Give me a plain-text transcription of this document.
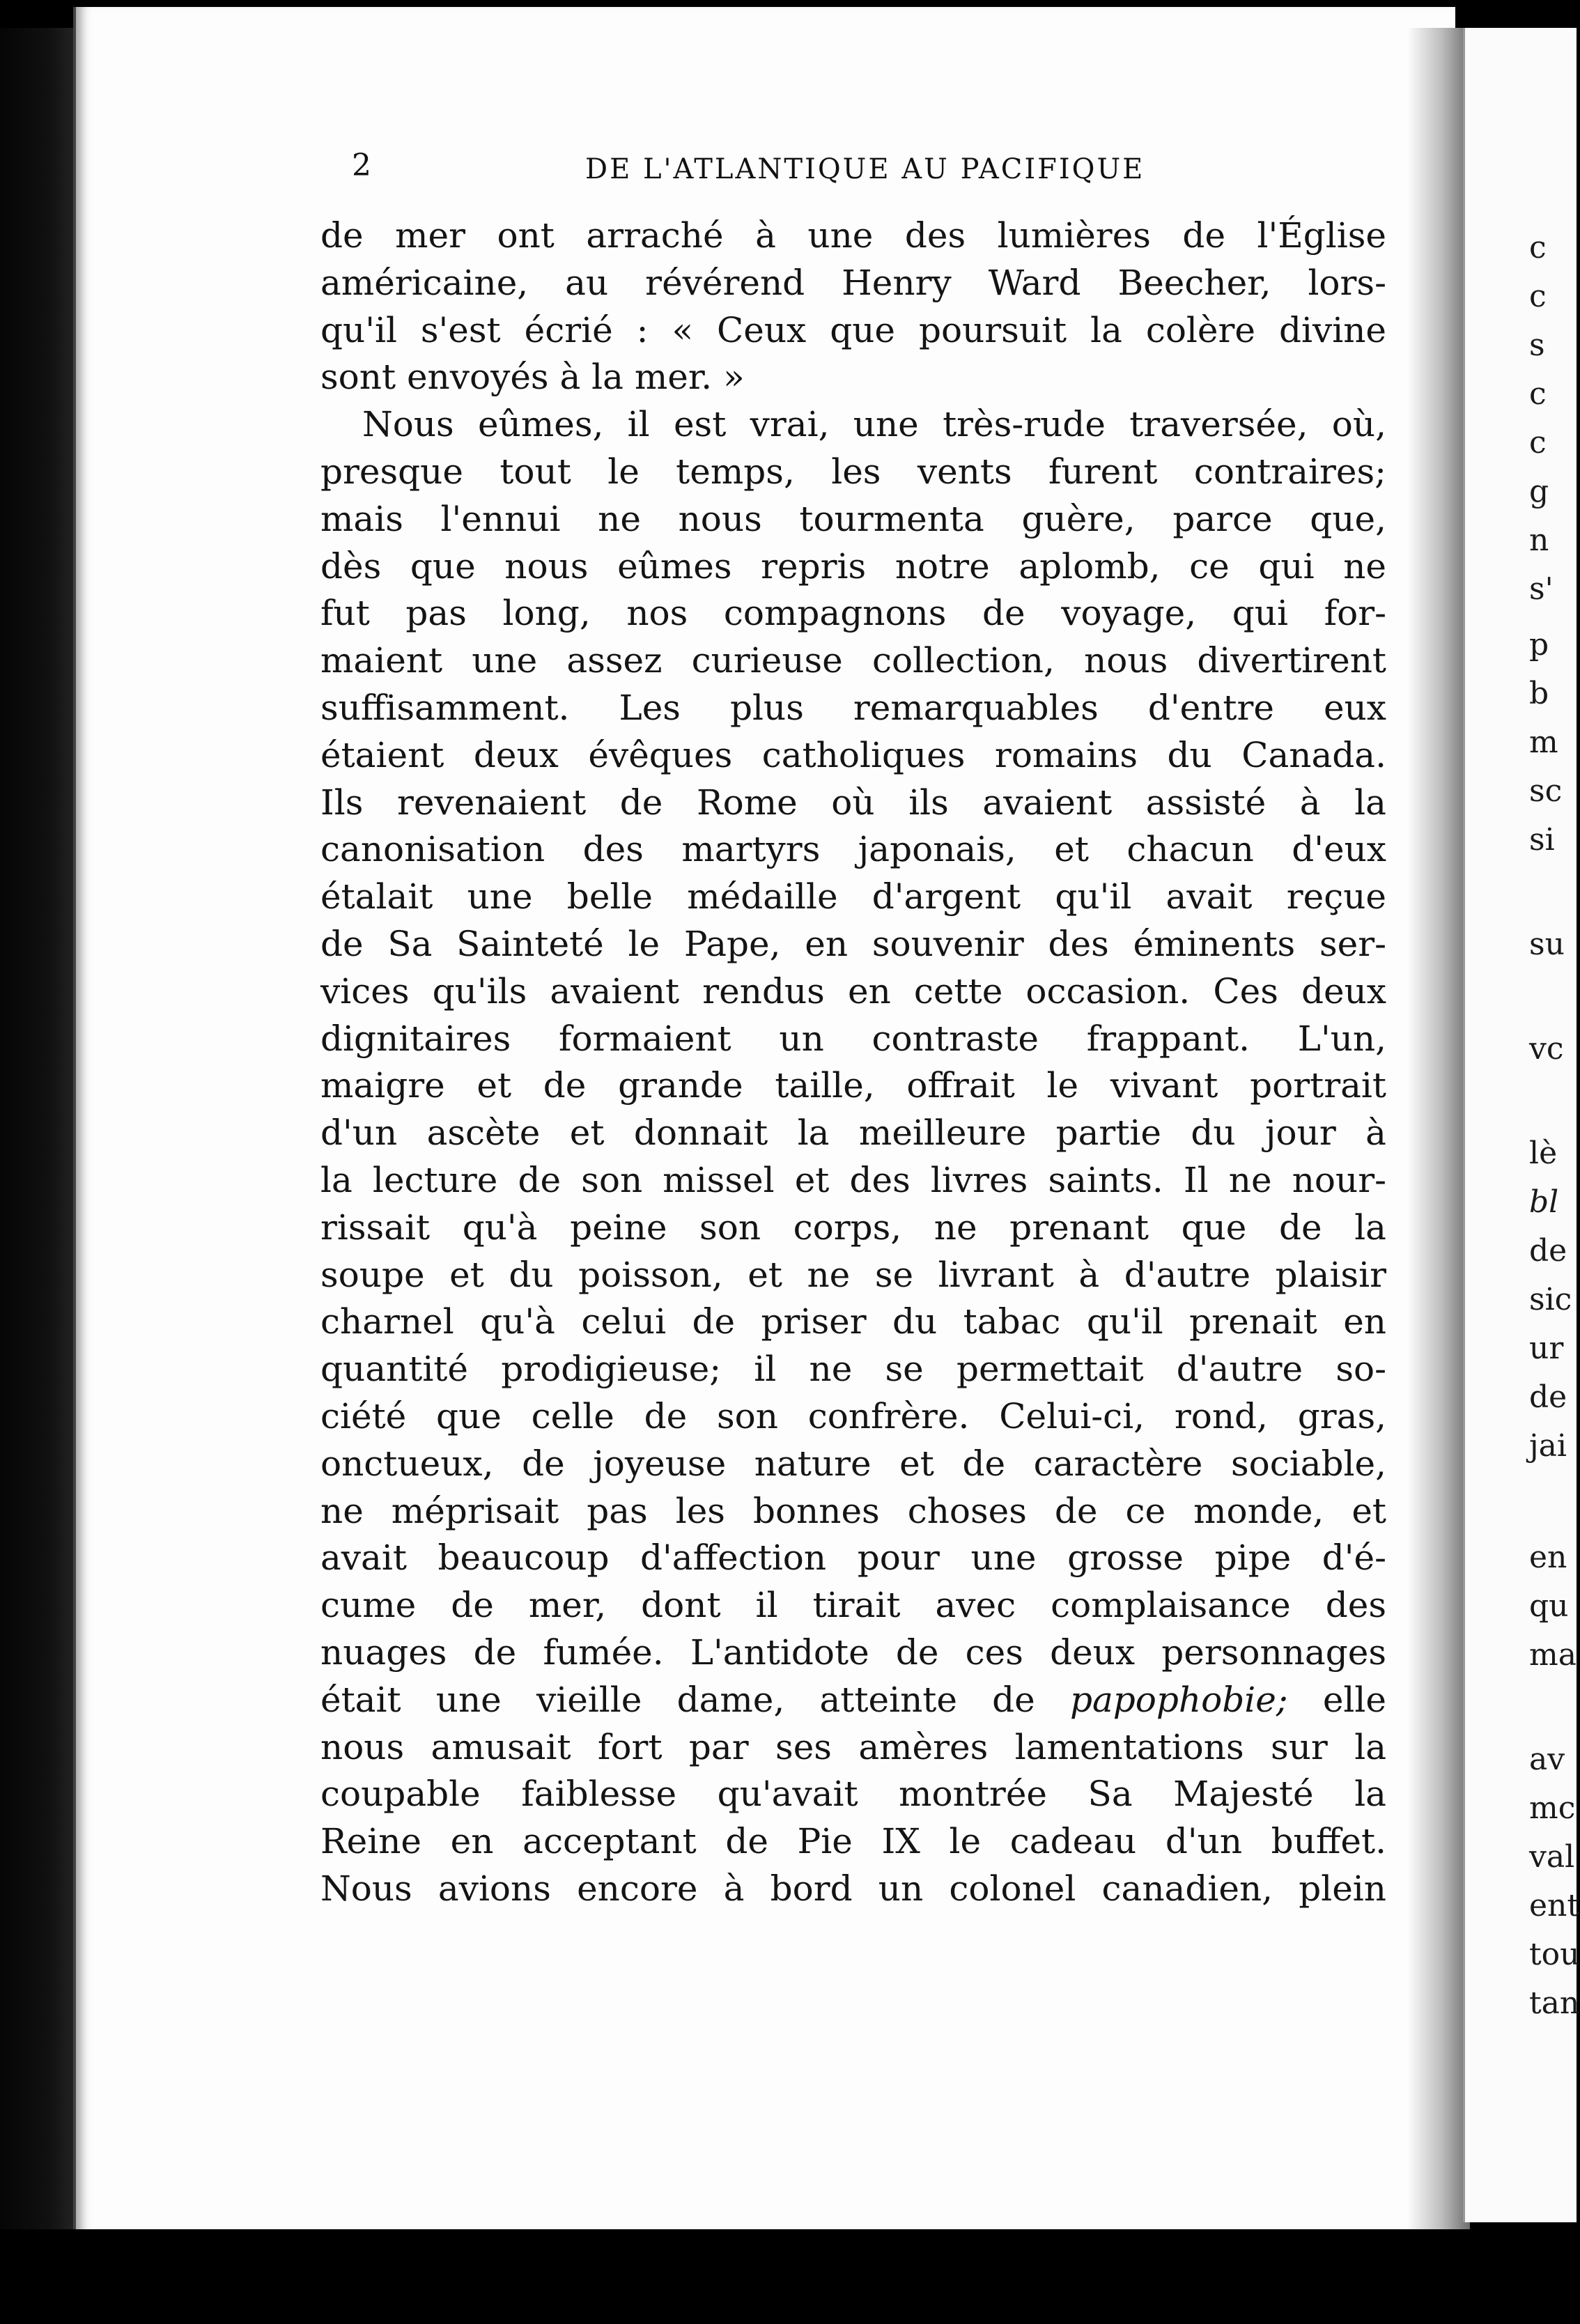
2	DE L'ATLANTIQUE AU PACIFIQUE
de mer ont arraché à une des lumières de l'Église
américaine, au révérend Henry Ward Beecher, lors-
qu'il s'est écrié : « Ceux que poursuit la colère divine
sont envoyés à la mer. »
Nous eûmes, il est vrai, une très-rude traversée, où,
presque tout le temps, les vents furent contraires;
mais l'ennui ne nous tourmenta guère, parce que,
dès que nous eûmes repris notre aplomb, ce qui ne
fut pas long, nos compagnons de voyage, qui for-
maient une assez curieuse collection, nous divertirent
suffisamment. Les plus remarquables d'entre eux
étaient deux évêques catholiques romains du Canada.
Ils revenaient de Rome où ils avaient assisté à la
canonisation des martyrs japonais, et chacun d'eux
étalait une belle médaille d'argent qu'il avait reçue
de Sa Sainteté le Pape, en souvenir des éminents ser-
vices qu'ils avaient rendus en cette occasion. Ces deux
dignitaires formaient un contraste frappant. L'un,
maigre et de grande taille, offrait le vivant portrait
d'un ascète et donnait la meilleure partie du jour à
la lecture de son missel et des livres saints. Il ne nour-
rissait qu'à peine son corps, ne prenant que de la
soupe et du poisson, et ne se livrant à d'autre plaisir
charnel qu'à celui de priser du tabac qu'il prenait en
quantité prodigieuse; il ne se permettait d'autre so-
ciété que celle de son confrère. Celui-ci, rond, gras,
onctueux, de joyeuse nature et de caractère sociable,
ne méprisait pas les bonnes choses de ce monde, et
avait beaucoup d'affection pour une grosse pipe d'é-
cume de mer, dont il tirait avec complaisance des
nuages de fumée. L'antidote de ces deux personnages
était une vieille dame, atteinte de papophobie; elle
nous amusait fort par ses amères lamentations sur la
coupable faiblesse qu'avait montrée Sa Majesté la
Reine en acceptant de Pie IX le cadeau d'un buffet.
Nous avions encore à bord un colonel canadien, plein
c
c
s
c
c
g
n
s'
p
b
m
sc
si
su
vc
lè
bl
de
sic
ur
de
jai
en
qu
ma
av
mc
val
ent
tou
tan
